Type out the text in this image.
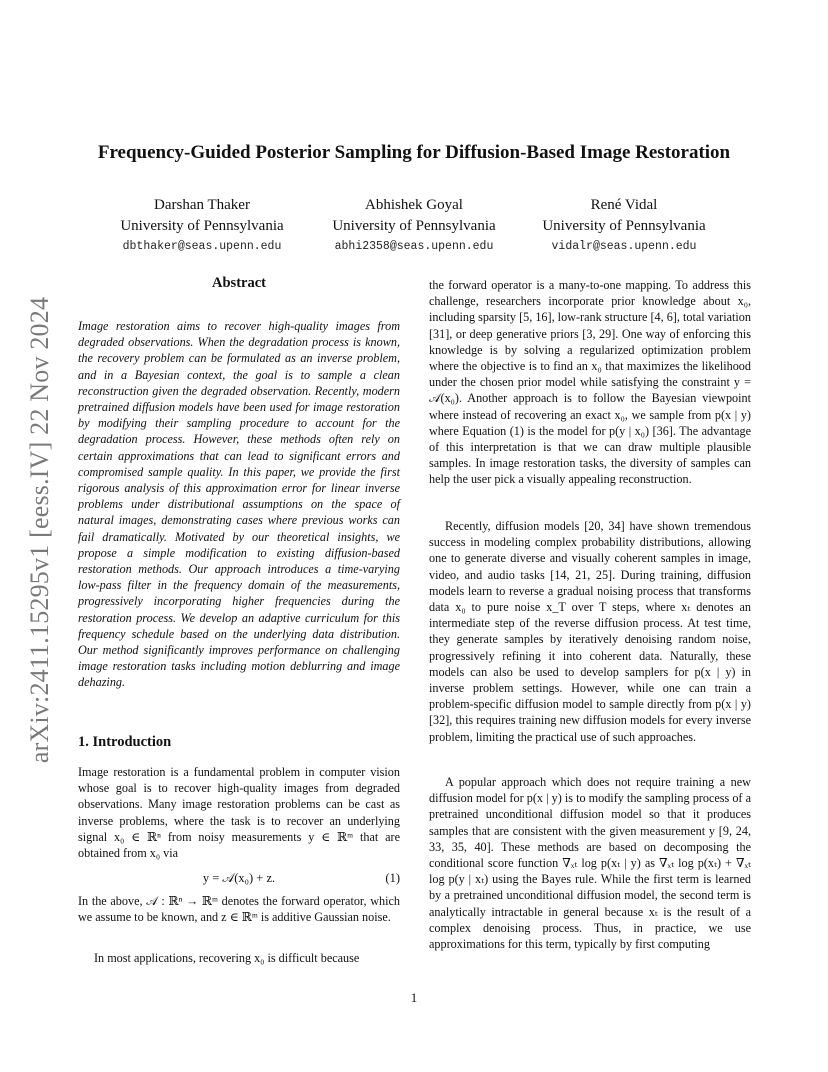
arXiv:2411.15295v1 [eess.IV] 22 Nov 2024
Frequency-Guided Posterior Sampling for Diffusion-Based Image Restoration
Darshan Thaker
University of Pennsylvania
dbthaker@seas.upenn.edu
Abhishek Goyal
University of Pennsylvania
abhi2358@seas.upenn.edu
René Vidal
University of Pennsylvania
vidalr@seas.upenn.edu
Abstract

Image restoration aims to recover high-quality images from degraded observations. When the degradation process is known, the recovery problem can be formulated as an inverse problem, and in a Bayesian context, the goal is to sample a clean reconstruction given the degraded observation. Recently, modern pretrained diffusion models have been used for image restoration by modifying their sampling procedure to account for the degradation process. However, these methods often rely on certain approximations that can lead to significant errors and compromised sample quality. In this paper, we provide the first rigorous analysis of this approximation error for linear inverse problems under distributional assumptions on the space of natural images, demonstrating cases where previous works can fail dramatically. Motivated by our theoretical insights, we propose a simple modification to existing diffusion-based restoration methods. Our approach introduces a time-varying low-pass filter in the frequency domain of the measurements, progressively incorporating higher frequencies during the restoration process. We develop an adaptive curriculum for this frequency schedule based on the underlying data distribution. Our method significantly improves performance on challenging image restoration tasks including motion deblurring and image dehazing.

1. Introduction

Image restoration is a fundamental problem in computer vision whose goal is to recover high-quality images from degraded observations. Many image restoration problems can be cast as inverse problems, where the task is to recover an underlying signal x₀ ∈ ℝⁿ from noisy measurements y ∈ ℝᵐ that are obtained from x₀ via

y = 𝒜(x₀) + z.	(1)

In the above, 𝒜 : ℝⁿ → ℝᵐ denotes the forward operator, which we assume to be known, and z ∈ ℝᵐ is additive Gaussian noise.

In most applications, recovering x₀ is difficult because

the forward operator is a many-to-one mapping. To address this challenge, researchers incorporate prior knowledge about x₀, including sparsity [5, 16], low-rank structure [4, 6], total variation [31], or deep generative priors [3, 29]. One way of enforcing this knowledge is by solving a regularized optimization problem where the objective is to find an x₀ that maximizes the likelihood under the chosen prior model while satisfying the constraint y = 𝒜(x₀). Another approach is to follow the Bayesian viewpoint where instead of recovering an exact x₀, we sample from p(x | y) where Equation (1) is the model for p(y | x₀) [36]. The advantage of this interpretation is that we can draw multiple plausible samples. In image restoration tasks, the diversity of samples can help the user pick a visually appealing reconstruction.

Recently, diffusion models [20, 34] have shown tremendous success in modeling complex probability distributions, allowing one to generate diverse and visually coherent samples in image, video, and audio tasks [14, 21, 25]. During training, diffusion models learn to reverse a gradual noising process that transforms data x₀ to pure noise x_T over T steps, where xₜ denotes an intermediate step of the reverse diffusion process. At test time, they generate samples by iteratively denoising random noise, progressively refining it into coherent data. Naturally, these models can also be used to develop samplers for p(x | y) in inverse problem settings. However, while one can train a problem-specific diffusion model to sample directly from p(x | y) [32], this requires training new diffusion models for every inverse problem, limiting the practical use of such approaches.

A popular approach which does not require training a new diffusion model for p(x | y) is to modify the sampling process of a pretrained unconditional diffusion model so that it produces samples that are consistent with the given measurement y [9, 24, 33, 35, 40]. These methods are based on decomposing the conditional score function ∇ₓₜ log p(xₜ | y) as ∇ₓₜ log p(xₜ) + ∇ₓₜ log p(y | xₜ) using the Bayes rule. While the first term is learned by a pretrained unconditional diffusion model, the second term is analytically intractable in general because xₜ is the result of a complex denoising process. Thus, in practice, we use approximations for this term, typically by first computing

1
